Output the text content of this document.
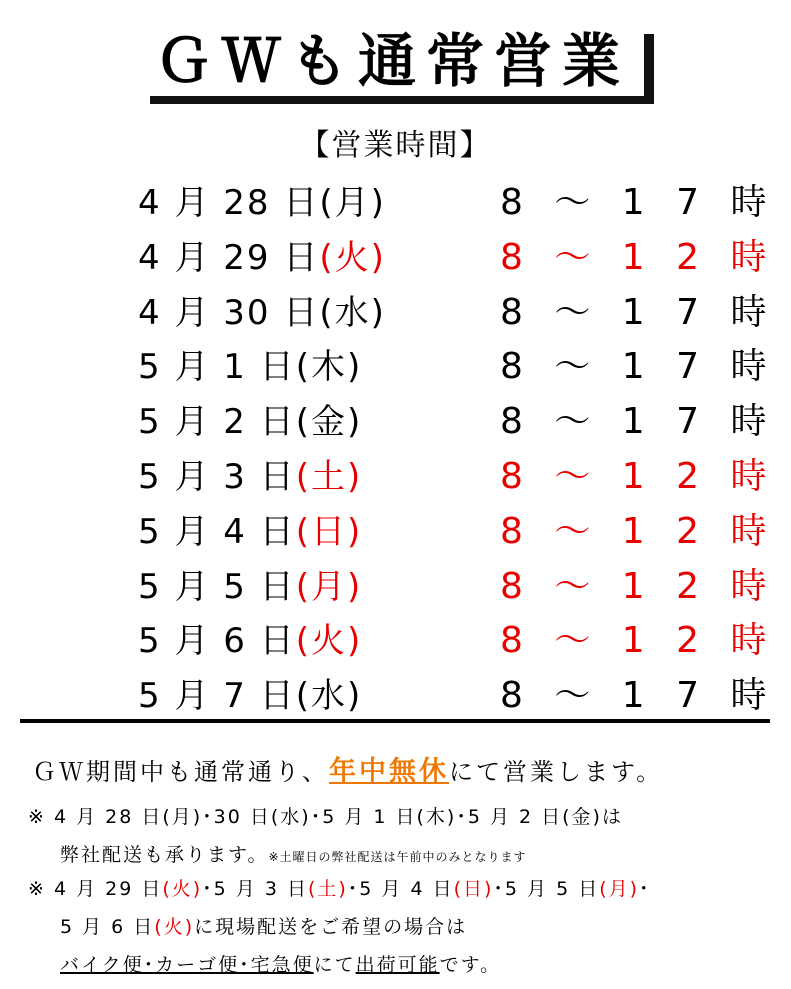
ＧＷも通常営業
【営業時間】
4 月 28 日(月)	8 ～ 1 7 時
4 月 29 日(火)	8 ～ 1 2 時
4 月 30 日(水)	8 ～ 1 7 時
5 月 1 日(木)	8 ～ 1 7 時
5 月 2 日(金)	8 ～ 1 7 時
5 月 3 日(土)	8 ～ 1 2 時
5 月 4 日(日)	8 ～ 1 2 時
5 月 5 日(月)	8 ～ 1 2 時
5 月 6 日(火)	8 ～ 1 2 時
5 月 7 日(水)	8 ～ 1 7 時
ＧＷ期間中も通常通り、年中無休にて営業します。
※ 4 月 28 日(月)･30 日(水)･5 月 1 日(木)･5 月 2 日(金)は
弊社配送も承ります。※土曜日の弊社配送は午前中のみとなります
※ 4 月 29 日(火)･5 月 3 日(土)･5 月 4 日(日)･5 月 5 日(月)･
5 月 6 日(火)に現場配送をご希望の場合は
バイク便･カーゴ便･宅急便にて出荷可能です。
